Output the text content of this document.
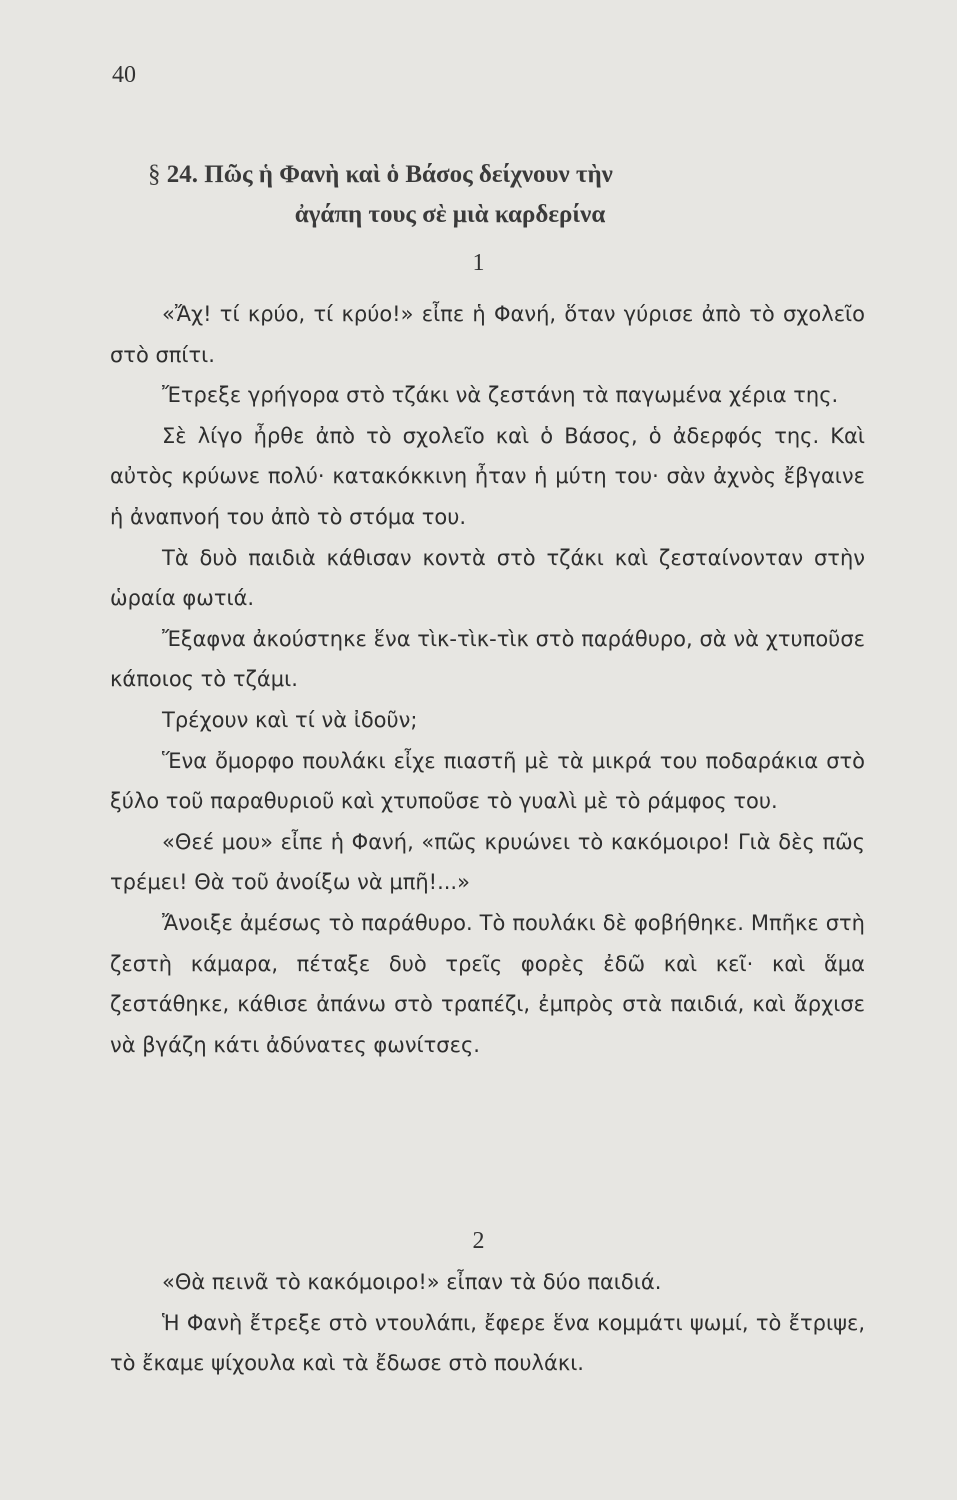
40
§ 24. Πῶς ἡ Φανὴ καὶ ὁ Βάσος δείχνουν τὴν
ἀγάπη τους σὲ μιὰ καρδερίνα
1

«Ἄχ! τί κρύο, τί κρύο!» εἶπε ἡ Φανή, ὅταν γύρισε ἀπὸ τὸ σχολεῖο στὸ σπίτι.

Ἔτρεξε γρήγορα στὸ τζάκι νὰ ζεστάνη τὰ παγωμένα χέρια της.

Σὲ λίγο ἦρθε ἀπὸ τὸ σχολεῖο καὶ ὁ Βάσος, ὁ ἀδερφός της. Καὶ αὐτὸς κρύωνε πολύ· κατακόκκινη ἦταν ἡ μύτη του· σὰν ἀχνὸς ἔβγαινε ἡ ἀναπνοή του ἀπὸ τὸ στόμα του.

Τὰ δυὸ παιδιὰ κάθισαν κοντὰ στὸ τζάκι καὶ ζεσταίνονταν στὴν ὡραία φωτιά.

Ἔξαφνα ἀκούστηκε ἕνα τὶκ-τὶκ-τὶκ στὸ παράθυρο, σὰ νὰ χτυποῦσε κάποιος τὸ τζάμι.

Τρέχουν καὶ τί νὰ ἰδοῦν;

Ἕνα ὄμορφο πουλάκι εἶχε πιαστῆ μὲ τὰ μικρά του ποδαράκια στὸ ξύλο τοῦ παραθυριοῦ καὶ χτυποῦσε τὸ γυαλὶ μὲ τὸ ράμφος του.

«Θεέ μου» εἶπε ἡ Φανή, «πῶς κρυώνει τὸ κακόμοιρο! Γιὰ δὲς πῶς τρέμει! Θὰ τοῦ ἀνοίξω νὰ μπῆ!...»

Ἄνοιξε ἀμέσως τὸ παράθυρο. Τὸ πουλάκι δὲ φοβήθηκε. Μπῆκε στὴ ζεστὴ κάμαρα, πέταξε δυὸ τρεῖς φορὲς ἐδῶ καὶ κεῖ· καὶ ἅμα ζεστάθηκε, κάθισε ἀπάνω στὸ τραπέζι, ἐμπρὸς στὰ παιδιά, καὶ ἄρχισε νὰ βγάζη κάτι ἀδύνατες φωνίτσες.

2

«Θὰ πεινᾶ τὸ κακόμοιρο!» εἶπαν τὰ δύο παιδιά.

Ἡ Φανὴ ἔτρεξε στὸ ντουλάπι, ἔφερε ἕνα κομμάτι ψωμί, τὸ ἔτριψε, τὸ ἔκαμε ψίχουλα καὶ τὰ ἔδωσε στὸ πουλάκι.
